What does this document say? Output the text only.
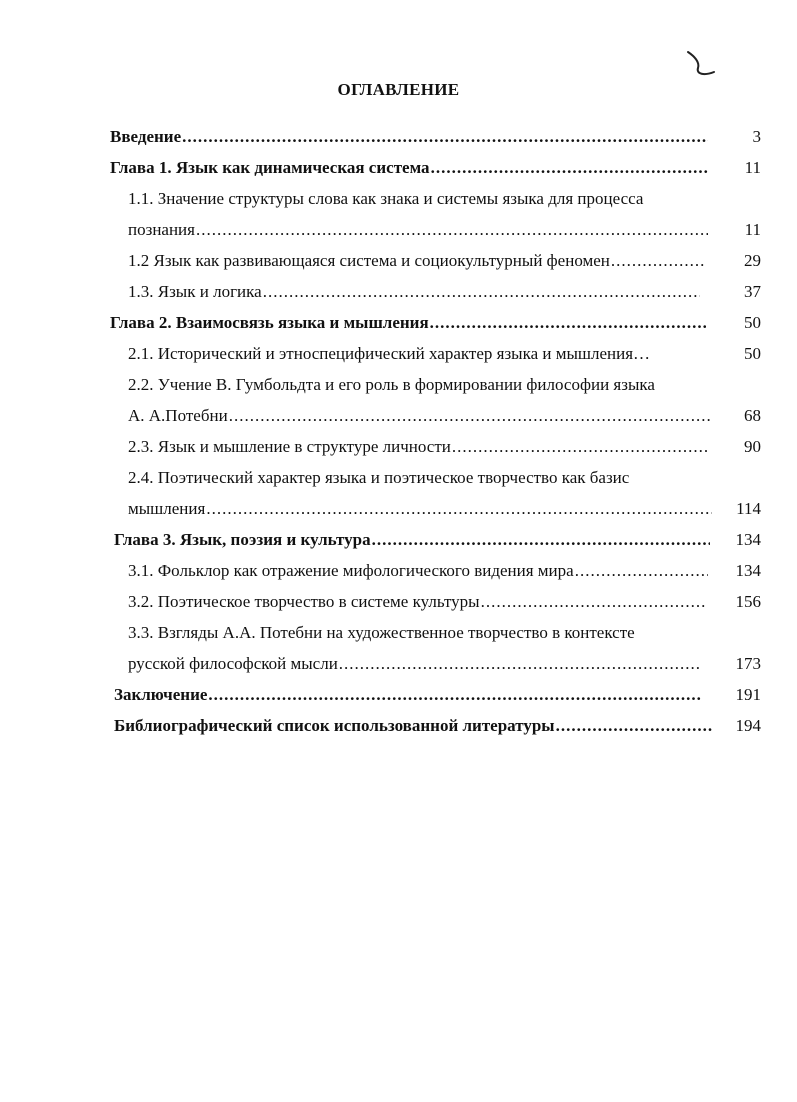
ОГЛАВЛЕНИЕ
Введение .....	3
Глава 1. Язык как динамическая система .....	11
1.1. Значение структуры слова как знака и системы языка для процесса
познания .....	11
1.2 Язык как развивающаяся система и социокультурный феномен .....	29
1.3. Язык и логика .....	37
Глава 2. Взаимосвязь языка и мышления .....	50
2.1. Исторический и этноспецифический характер языка и мышления…	50
2.2. Учение В. Гумбольдта и его роль в формировании философии языка
А. А.Потебни .....	68
2.3. Язык и мышление в структуре личности .....	90
2.4. Поэтический характер языка и поэтическое творчество как базис
мышления .....	114
Глава 3. Язык, поэзия и культура .....	134
3.1. Фольклор как отражение мифологического видения мира .....	134
3.2. Поэтическое творчество в системе культуры .....	156
3.3. Взгляды А.А. Потебни на художественное творчество в контексте
русской философской мысли .....	173
Заключение .....	191
Библиографический список использованной литературы .....	194
